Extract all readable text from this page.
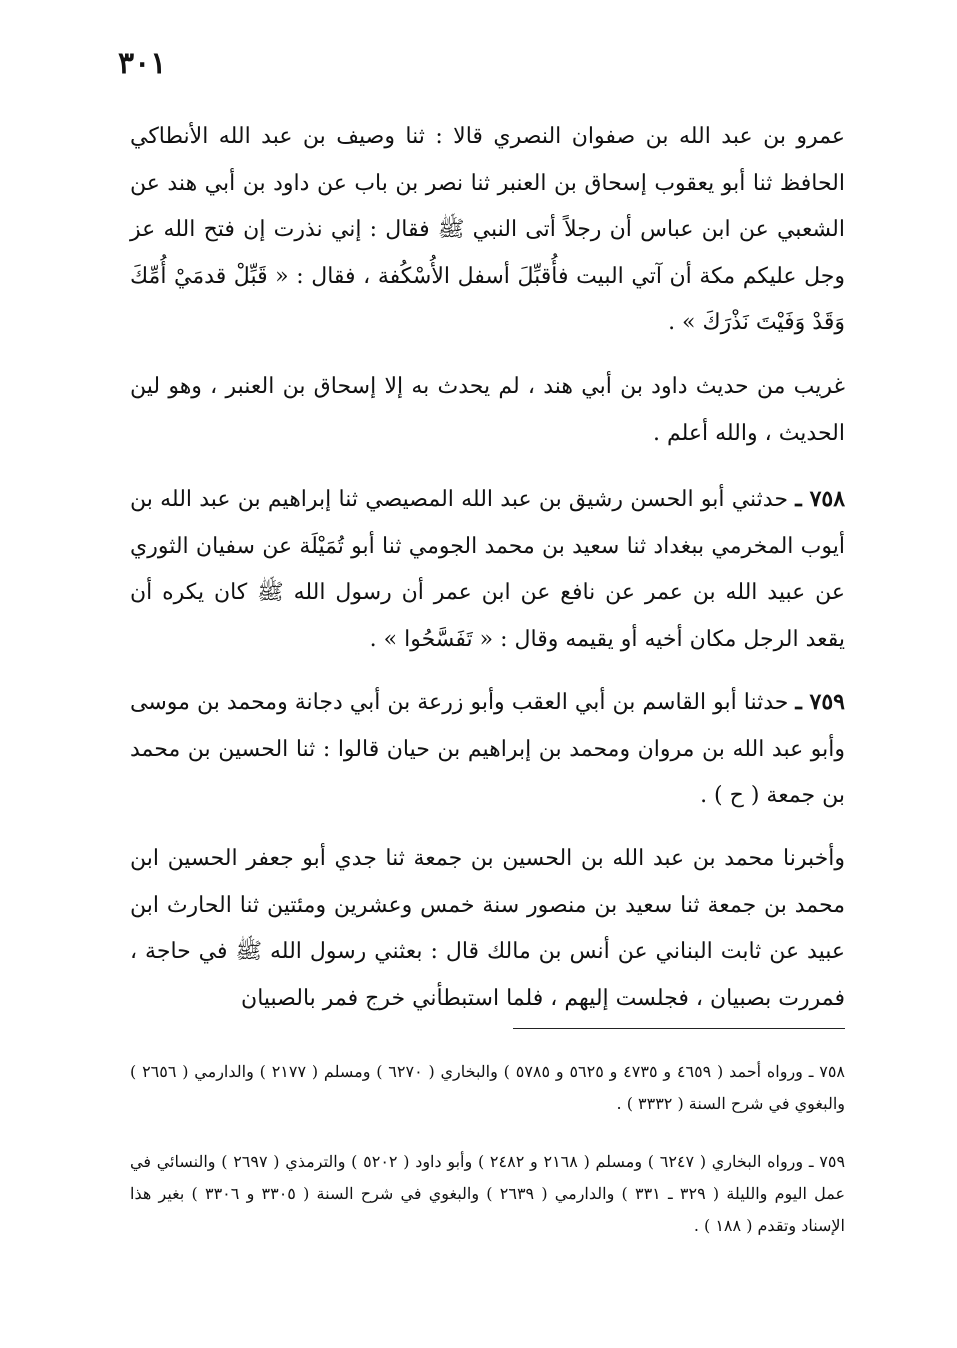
٣٠١

عمرو بن عبد الله بن صفوان النصري قالا : ثنا وصيف بن عبد الله الأنطاكي الحافظ ثنا أبو يعقوب إسحاق بن العنبر ثنا نصر بن باب عن داود بن أبي هند عن الشعبي عن ابن عباس أن رجلاً أتى النبي ﷺ فقال : إني نذرت إن فتح الله عز وجل عليكم مكة أن آتي البيت فأُقبِّلَ أسفل الأُسْكُفة ، فقال : « قَبِّلْ قدمَيْ أُمِّكَ وَقَدْ وَفَيْتَ نَذْرَكَ » .

غريب من حديث داود بن أبي هند ، لم يحدث به إلا إسحاق بن العنبر ، وهو لين الحديث ، والله أعلم .

٧٥٨ ـ حدثني أبو الحسن رشيق بن عبد الله المصيصي ثنا إبراهيم بن عبد الله بن أيوب المخرمي ببغداد ثنا سعيد بن محمد الجومي ثنا أبو تُمَيْلَة عن سفيان الثوري عن عبيد الله بن عمر عن نافع عن ابن عمر أن رسول الله ﷺ كان يكره أن يقعد الرجل مكان أخيه أو يقيمه وقال : « تَفَسَّحُوا » .

٧٥٩ ـ حدثنا أبو القاسم بن أبي العقب وأبو زرعة بن أبي دجانة ومحمد بن موسى وأبو عبد الله بن مروان ومحمد بن إبراهيم بن حيان قالوا : ثنا الحسين بن محمد بن جمعة ( ح ) .

وأخبرنا محمد بن عبد الله بن الحسين بن جمعة ثنا جدي أبو جعفر الحسين ابن محمد بن جمعة ثنا سعيد بن منصور سنة خمس وعشرين ومئتين ثنا الحارث ابن عبيد عن ثابت البناني عن أنس بن مالك قال : بعثني رسول الله ﷺ في حاجة ، فمررت بصبيان ، فجلست إليهم ، فلما استبطأني خرج فمر بالصبيان

٧٥٨ ـ ورواه أحمد ( ٤٦٥٩ و ٤٧٣٥ و ٥٦٢٥ و ٥٧٨٥ ) والبخاري ( ٦٢٧٠ ) ومسلم ( ٢١٧٧ ) والدارمي ( ٢٦٥٦ ) والبغوي في شرح السنة ( ٣٣٣٢ ) .

٧٥٩ ـ ورواه البخاري ( ٦٢٤٧ ) ومسلم ( ٢١٦٨ و ٢٤٨٢ ) وأبو داود ( ٥٢٠٢ ) والترمذي ( ٢٦٩٧ ) والنسائي في عمل اليوم والليلة ( ٣٢٩ ـ ٣٣١ ) والدارمي ( ٢٦٣٩ ) والبغوي في شرح السنة ( ٣٣٠٥ و ٣٣٠٦ ) بغير هذا الإسناد وتقدم ( ١٨٨ ) .
